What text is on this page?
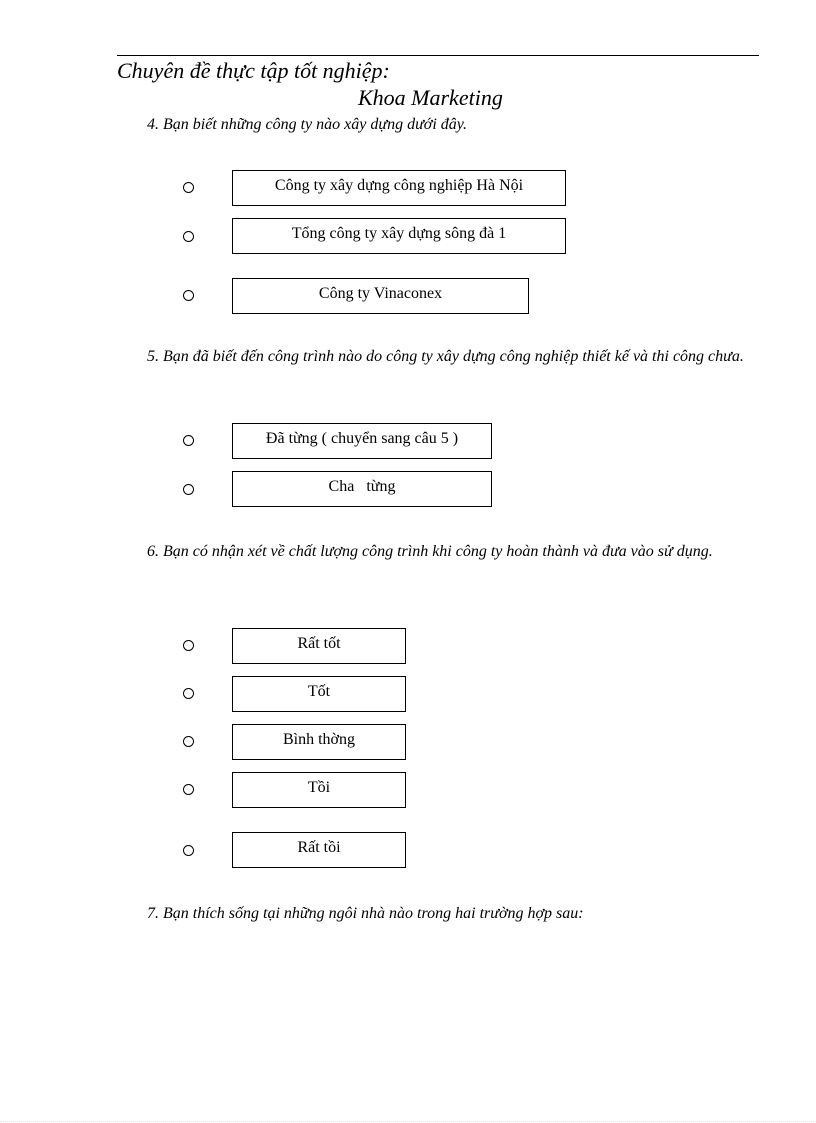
Chuyên đề thực tập tốt nghiệp:
Khoa Marketing
4. Bạn biết những công ty nào xây dựng dưới đây.
Công ty xây dựng công nghiệp Hà Nội
Tổng công ty xây dựng sông đà 1
Công ty Vinaconex
5. Bạn đã biết đến công trình nào do công ty xây dựng công nghiệp thiết kế và thi công chưa.
Đã từng ( chuyển sang câu 5 )
Cha   từng
6. Bạn có nhận xét về chất lượng công trình khi công ty hoàn thành và đưa vào sử dụng.
Rất tốt
Tốt
Bình thờng
Tồi
Rất tồi
7. Bạn thích sống tại những ngôi nhà nào trong hai trường hợp sau:
